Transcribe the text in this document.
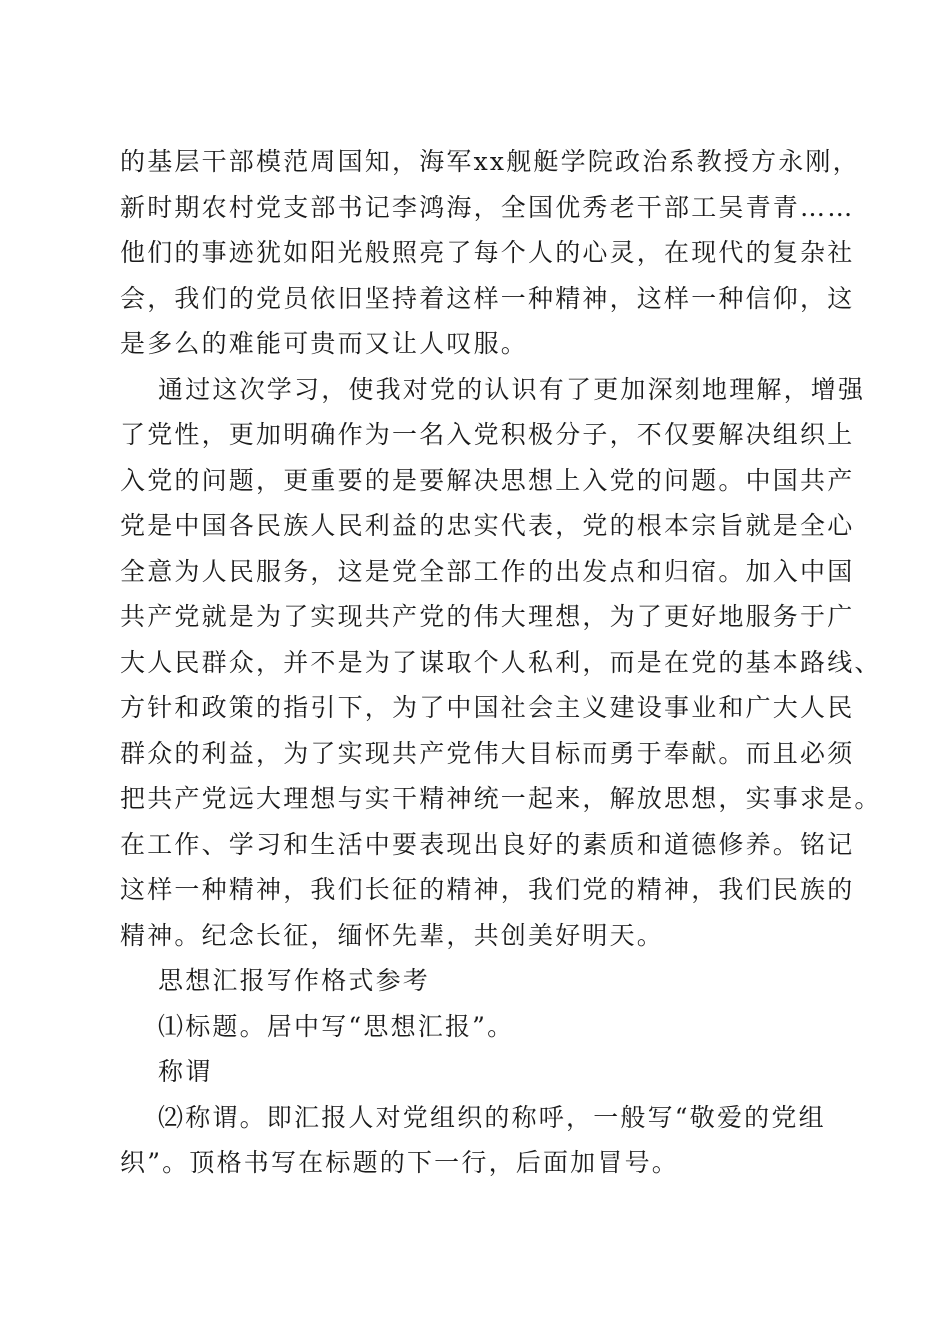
的基层干部模范周国知，海军xx舰艇学院政治系教授方永刚，
新时期农村党支部书记李鸿海，全国优秀老干部工吴青青……
他们的事迹犹如阳光般照亮了每个人的心灵，在现代的复杂社
会，我们的党员依旧坚持着这样一种精神，这样一种信仰，这
是多么的难能可贵而又让人叹服。
通过这次学习，使我对党的认识有了更加深刻地理解，增强
了党性，更加明确作为一名入党积极分子，不仅要解决组织上
入党的问题，更重要的是要解决思想上入党的问题。中国共产
党是中国各民族人民利益的忠实代表，党的根本宗旨就是全心
全意为人民服务，这是党全部工作的出发点和归宿。加入中国
共产党就是为了实现共产党的伟大理想，为了更好地服务于广
大人民群众，并不是为了谋取个人私利，而是在党的基本路线、
方针和政策的指引下，为了中国社会主义建设事业和广大人民
群众的利益，为了实现共产党伟大目标而勇于奉献。而且必须
把共产党远大理想与实干精神统一起来，解放思想，实事求是。
在工作、学习和生活中要表现出良好的素质和道德修养。铭记
这样一种精神，我们长征的精神，我们党的精神，我们民族的
精神。纪念长征，缅怀先辈，共创美好明天。
思想汇报写作格式参考
⑴标题。居中写“思想汇报”。
称谓
⑵称谓。即汇报人对党组织的称呼，一般写“敬爱的党组
织”。顶格书写在标题的下一行，后面加冒号。
